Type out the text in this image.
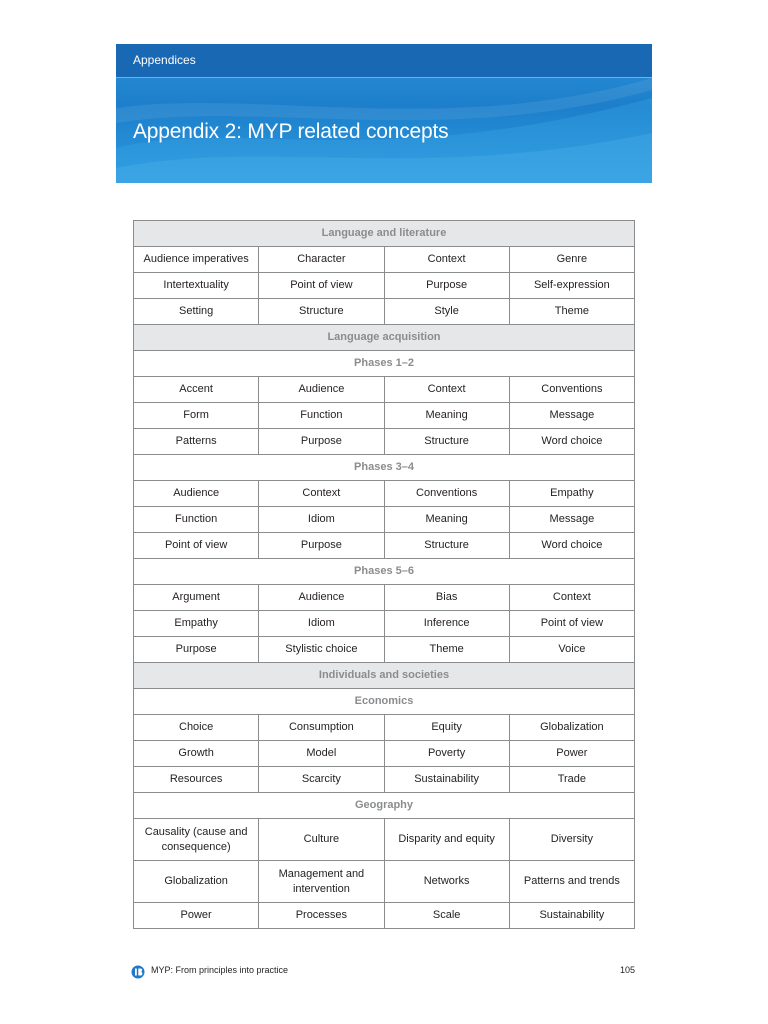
Appendices
Appendix 2: MYP related concepts
Language and literature			
Audience imperatives	Character	Context	Genre
Intertextuality	Point of view	Purpose	Self-expression
Setting	Structure	Style	Theme
Language acquisition			
Phases 1–2			
Accent	Audience	Context	Conventions
Form	Function	Meaning	Message
Patterns	Purpose	Structure	Word choice
Phases 3–4			
Audience	Context	Conventions	Empathy
Function	Idiom	Meaning	Message
Point of view	Purpose	Structure	Word choice
Phases 5–6			
Argument	Audience	Bias	Context
Empathy	Idiom	Inference	Point of view
Purpose	Stylistic choice	Theme	Voice
Individuals and societies			
Economics			
Choice	Consumption	Equity	Globalization
Growth	Model	Poverty	Power
Resources	Scarcity	Sustainability	Trade
Geography			
Causality (cause and consequence)	Culture	Disparity and equity	Diversity
Globalization	Management and intervention	Networks	Patterns and trends
Power	Processes	Scale	Sustainability
MYP: From principles into practice	105
